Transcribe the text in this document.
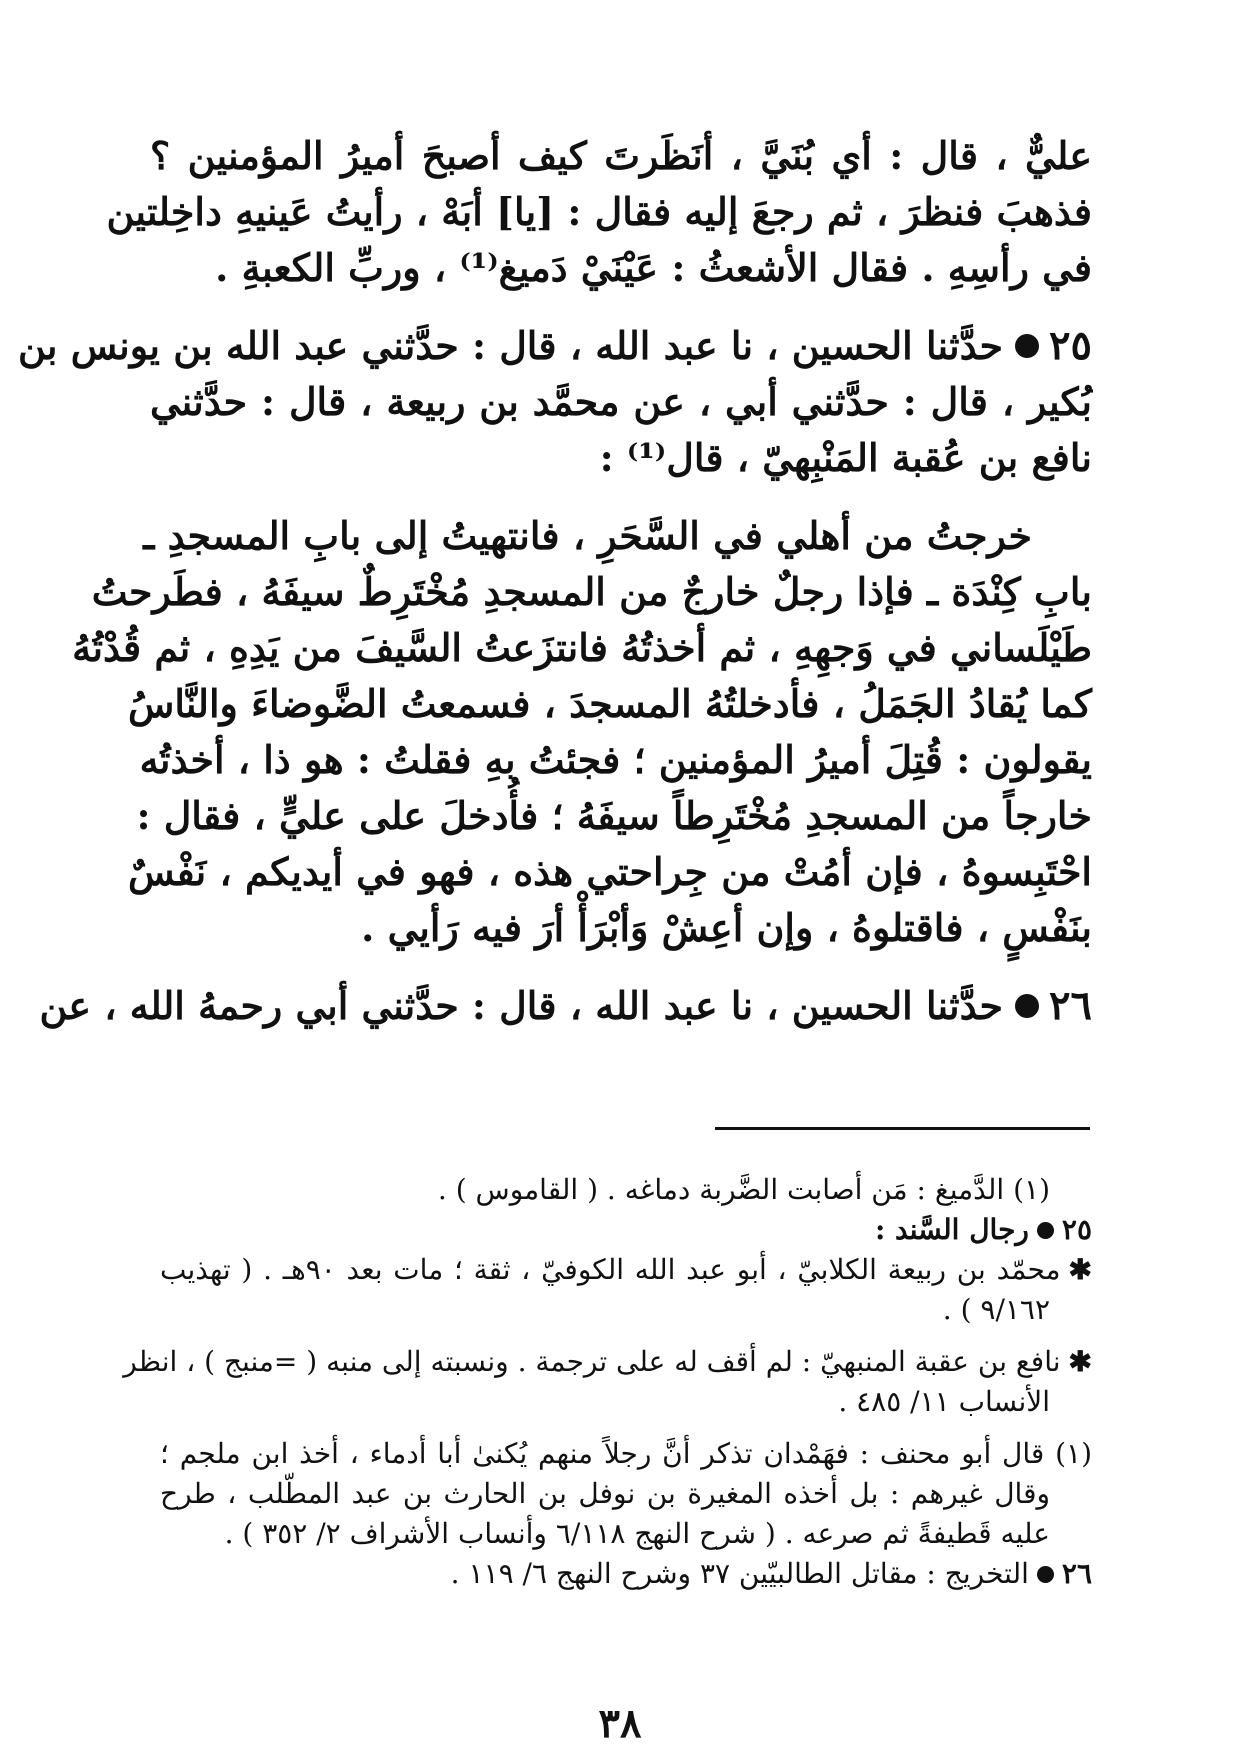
عليٌّ ، قال : أي بُنَيَّ ، أنَظَرتَ كيف أصبحَ أميرُ المؤمنين ؟
فذهبَ فنظرَ ، ثم رجعَ إليه فقال : [يا] أبَهْ ، رأيتُ عَينيهِ داخِلتين
في رأسِهِ . فقال الأشعثُ : عَيْنَيْ دَميغ⁽¹⁾ ، وربِّ الكعبةِ .
٢٥
حدَّثنا الحسين ، نا عبد الله ، قال : حدَّثني عبد الله بن يونس بن
بُكير ، قال : حدَّثني أبي ، عن محمَّد بن ربيعة ، قال : حدَّثني
نافع بن عُقبة المَنْبِهيّ ، قال⁽¹⁾ :
خرجتُ من أهلي في السَّحَرِ ، فانتهيتُ إلى بابِ المسجدِ ـ
بابِ كِنْدَة ـ فإذا رجلٌ خارجٌ من المسجدِ مُخْتَرِطٌ سيفَهُ ، فطَرحتُ
طَيْلَساني في وَجهِهِ ، ثم أخذتُهُ فانتزَعتُ السَّيفَ من يَدِهِ ، ثم قُدْتُهُ
كما يُقادُ الجَمَلُ ، فأدخلتُهُ المسجدَ ، فسمعتُ الضَّوضاءَ والنَّاسُ
يقولون : قُتِلَ أميرُ المؤمنين ؛ فجئتُ بهِ فقلتُ : هو ذا ، أخذتُه
خارجاً من المسجدِ مُخْتَرِطاً سيفَهُ ؛ فأُدخلَ على عليٍّ ، فقال :
احْتَبِسوهُ ، فإن أمُتْ من جِراحتي هذه ، فهو في أيديكم ، نَفْسٌ
بنَفْسٍ ، فاقتلوهُ ، وإن أعِشْ وَأبْرَأْ أرَ فيه رَأيي .
٢٦
حدَّثنا الحسين ، نا عبد الله ، قال : حدَّثني أبي رحمهُ الله ، عن
(١) الدَّميغ : مَن أصابت الضَّربة دماغه . ( القاموس ) .
٢٥
رجال السَّند :
✱محمّد بن ربيعة الكلابيّ ، أبو عبد الله الكوفيّ ، ثقة ؛ مات بعد ٩٠هـ . ( تهذيب
٩/١٦٢ ) .
✱نافع بن عقبة المنبهيّ : لم أقف له على ترجمة . ونسبته إلى منبه ( =منبج ) ، انظر
الأنساب ١١/ ٤٨٥ .
(١) قال أبو محنف : فهَمْدان تذكر أنَّ رجلاً منهم يُكنىٰ أبا أدماء ، أخذ ابن ملجم ؛
وقال غيرهم : بل أخذه المغيرة بن نوفل بن الحارث بن عبد المطّلب ، طرح
عليه قَطيفةً ثم صرعه . ( شرح النهج ٦/١١٨ وأنساب الأشراف ٢/ ٣٥٢ ) .
٢٦
التخريج : مقاتل الطالبيّين ٣٧ وشرح النهج ٦/ ١١٩ .
٣٨
